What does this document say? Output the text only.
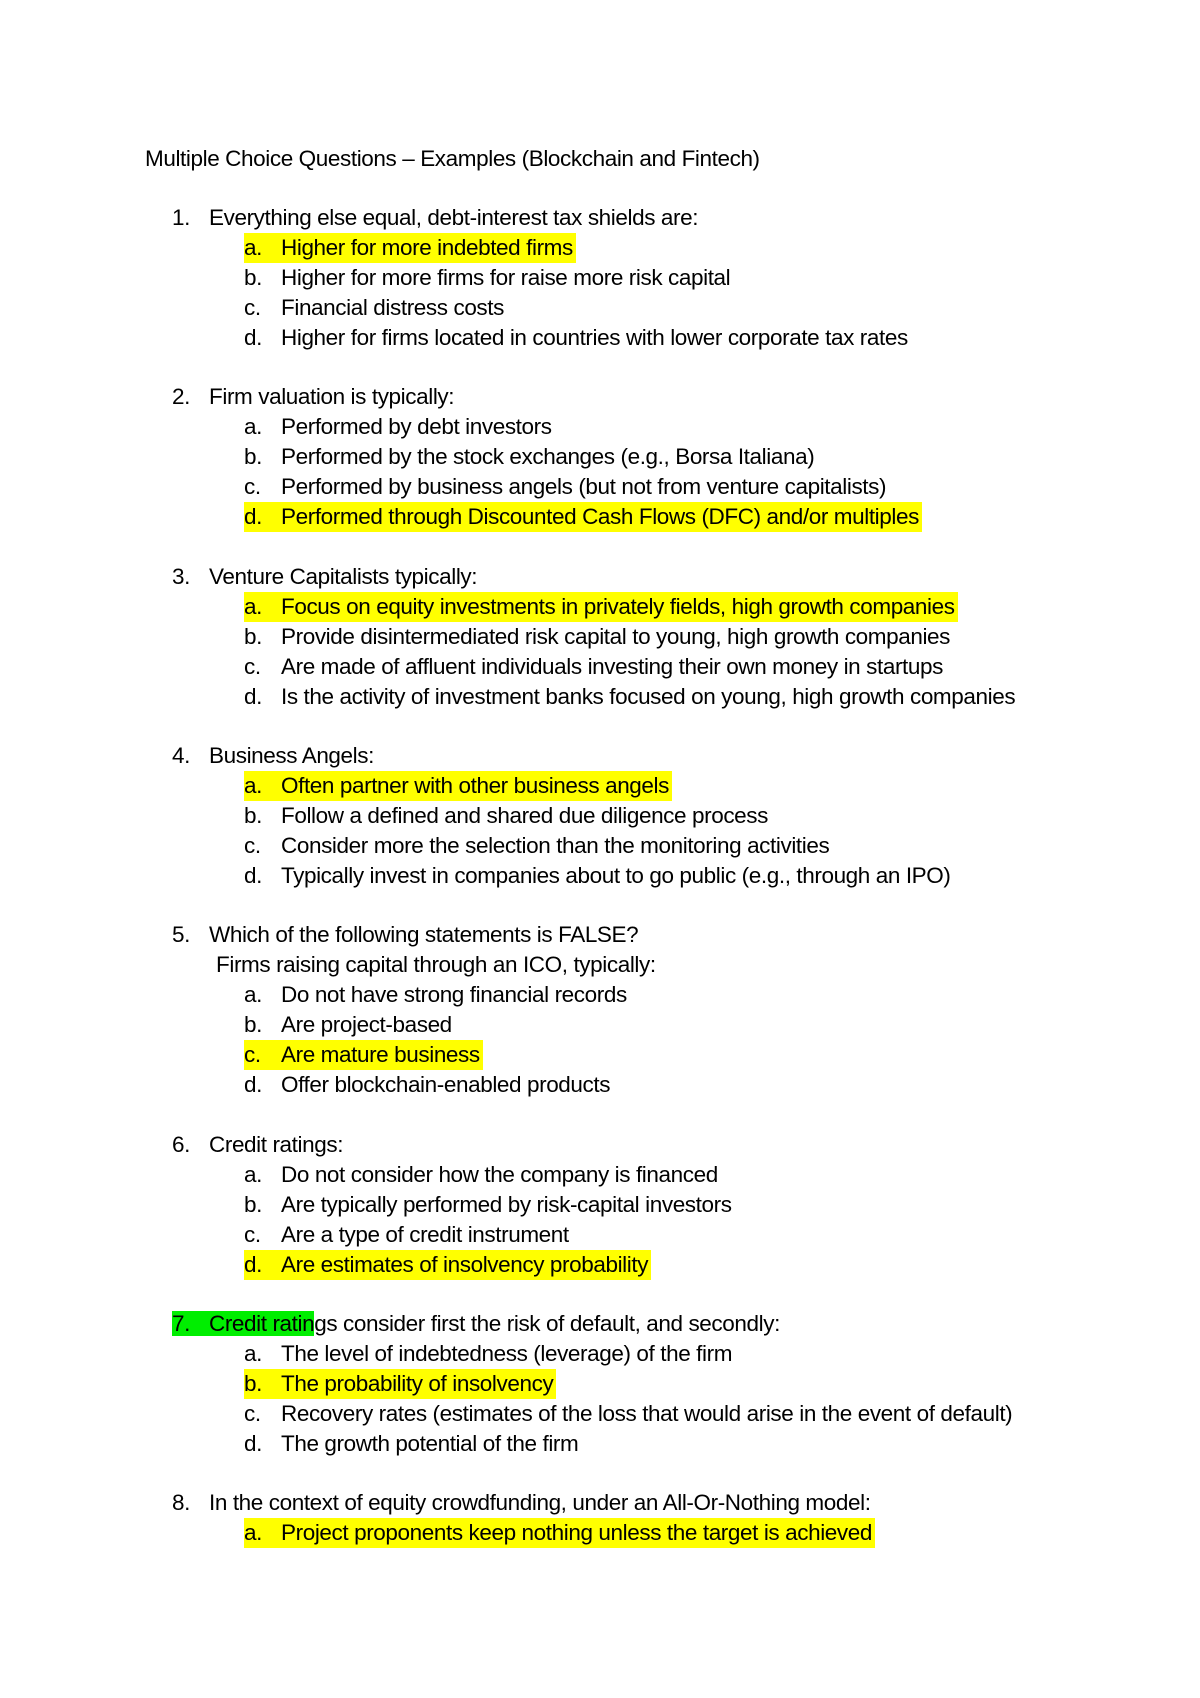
Multiple Choice Questions – Examples (Blockchain and Fintech)
1. Everything else equal, debt-interest tax shields are:
a. Higher for more indebted firms
b. Higher for more firms for raise more risk capital
c. Financial distress costs
d. Higher for firms located in countries with lower corporate tax rates
2. Firm valuation is typically:
a. Performed by debt investors
b. Performed by the stock exchanges (e.g., Borsa Italiana)
c. Performed by business angels (but not from venture capitalists)
d. Performed through Discounted Cash Flows (DFC) and/or multiples
3. Venture Capitalists typically:
a. Focus on equity investments in privately fields, high growth companies
b. Provide disintermediated risk capital to young, high growth companies
c. Are made of affluent individuals investing their own money in startups
d. Is the activity of investment banks focused on young, high growth companies
4. Business Angels:
a. Often partner with other business angels
b. Follow a defined and shared due diligence process
c. Consider more the selection than the monitoring activities
d. Typically invest in companies about to go public (e.g., through an IPO)
5. Which of the following statements is FALSE?
Firms raising capital through an ICO, typically:
a. Do not have strong financial records
b. Are project-based
c. Are mature business
d. Offer blockchain-enabled products
6. Credit ratings:
a. Do not consider how the company is financed
b. Are typically performed by risk-capital investors
c. Are a type of credit instrument
d. Are estimates of insolvency probability
7. Credit ratings consider first the risk of default, and secondly:
a. The level of indebtedness (leverage) of the firm
b. The probability of insolvency
c. Recovery rates (estimates of the loss that would arise in the event of default)
d. The growth potential of the firm
8. In the context of equity crowdfunding, under an All-Or-Nothing model:
a. Project proponents keep nothing unless the target is achieved
